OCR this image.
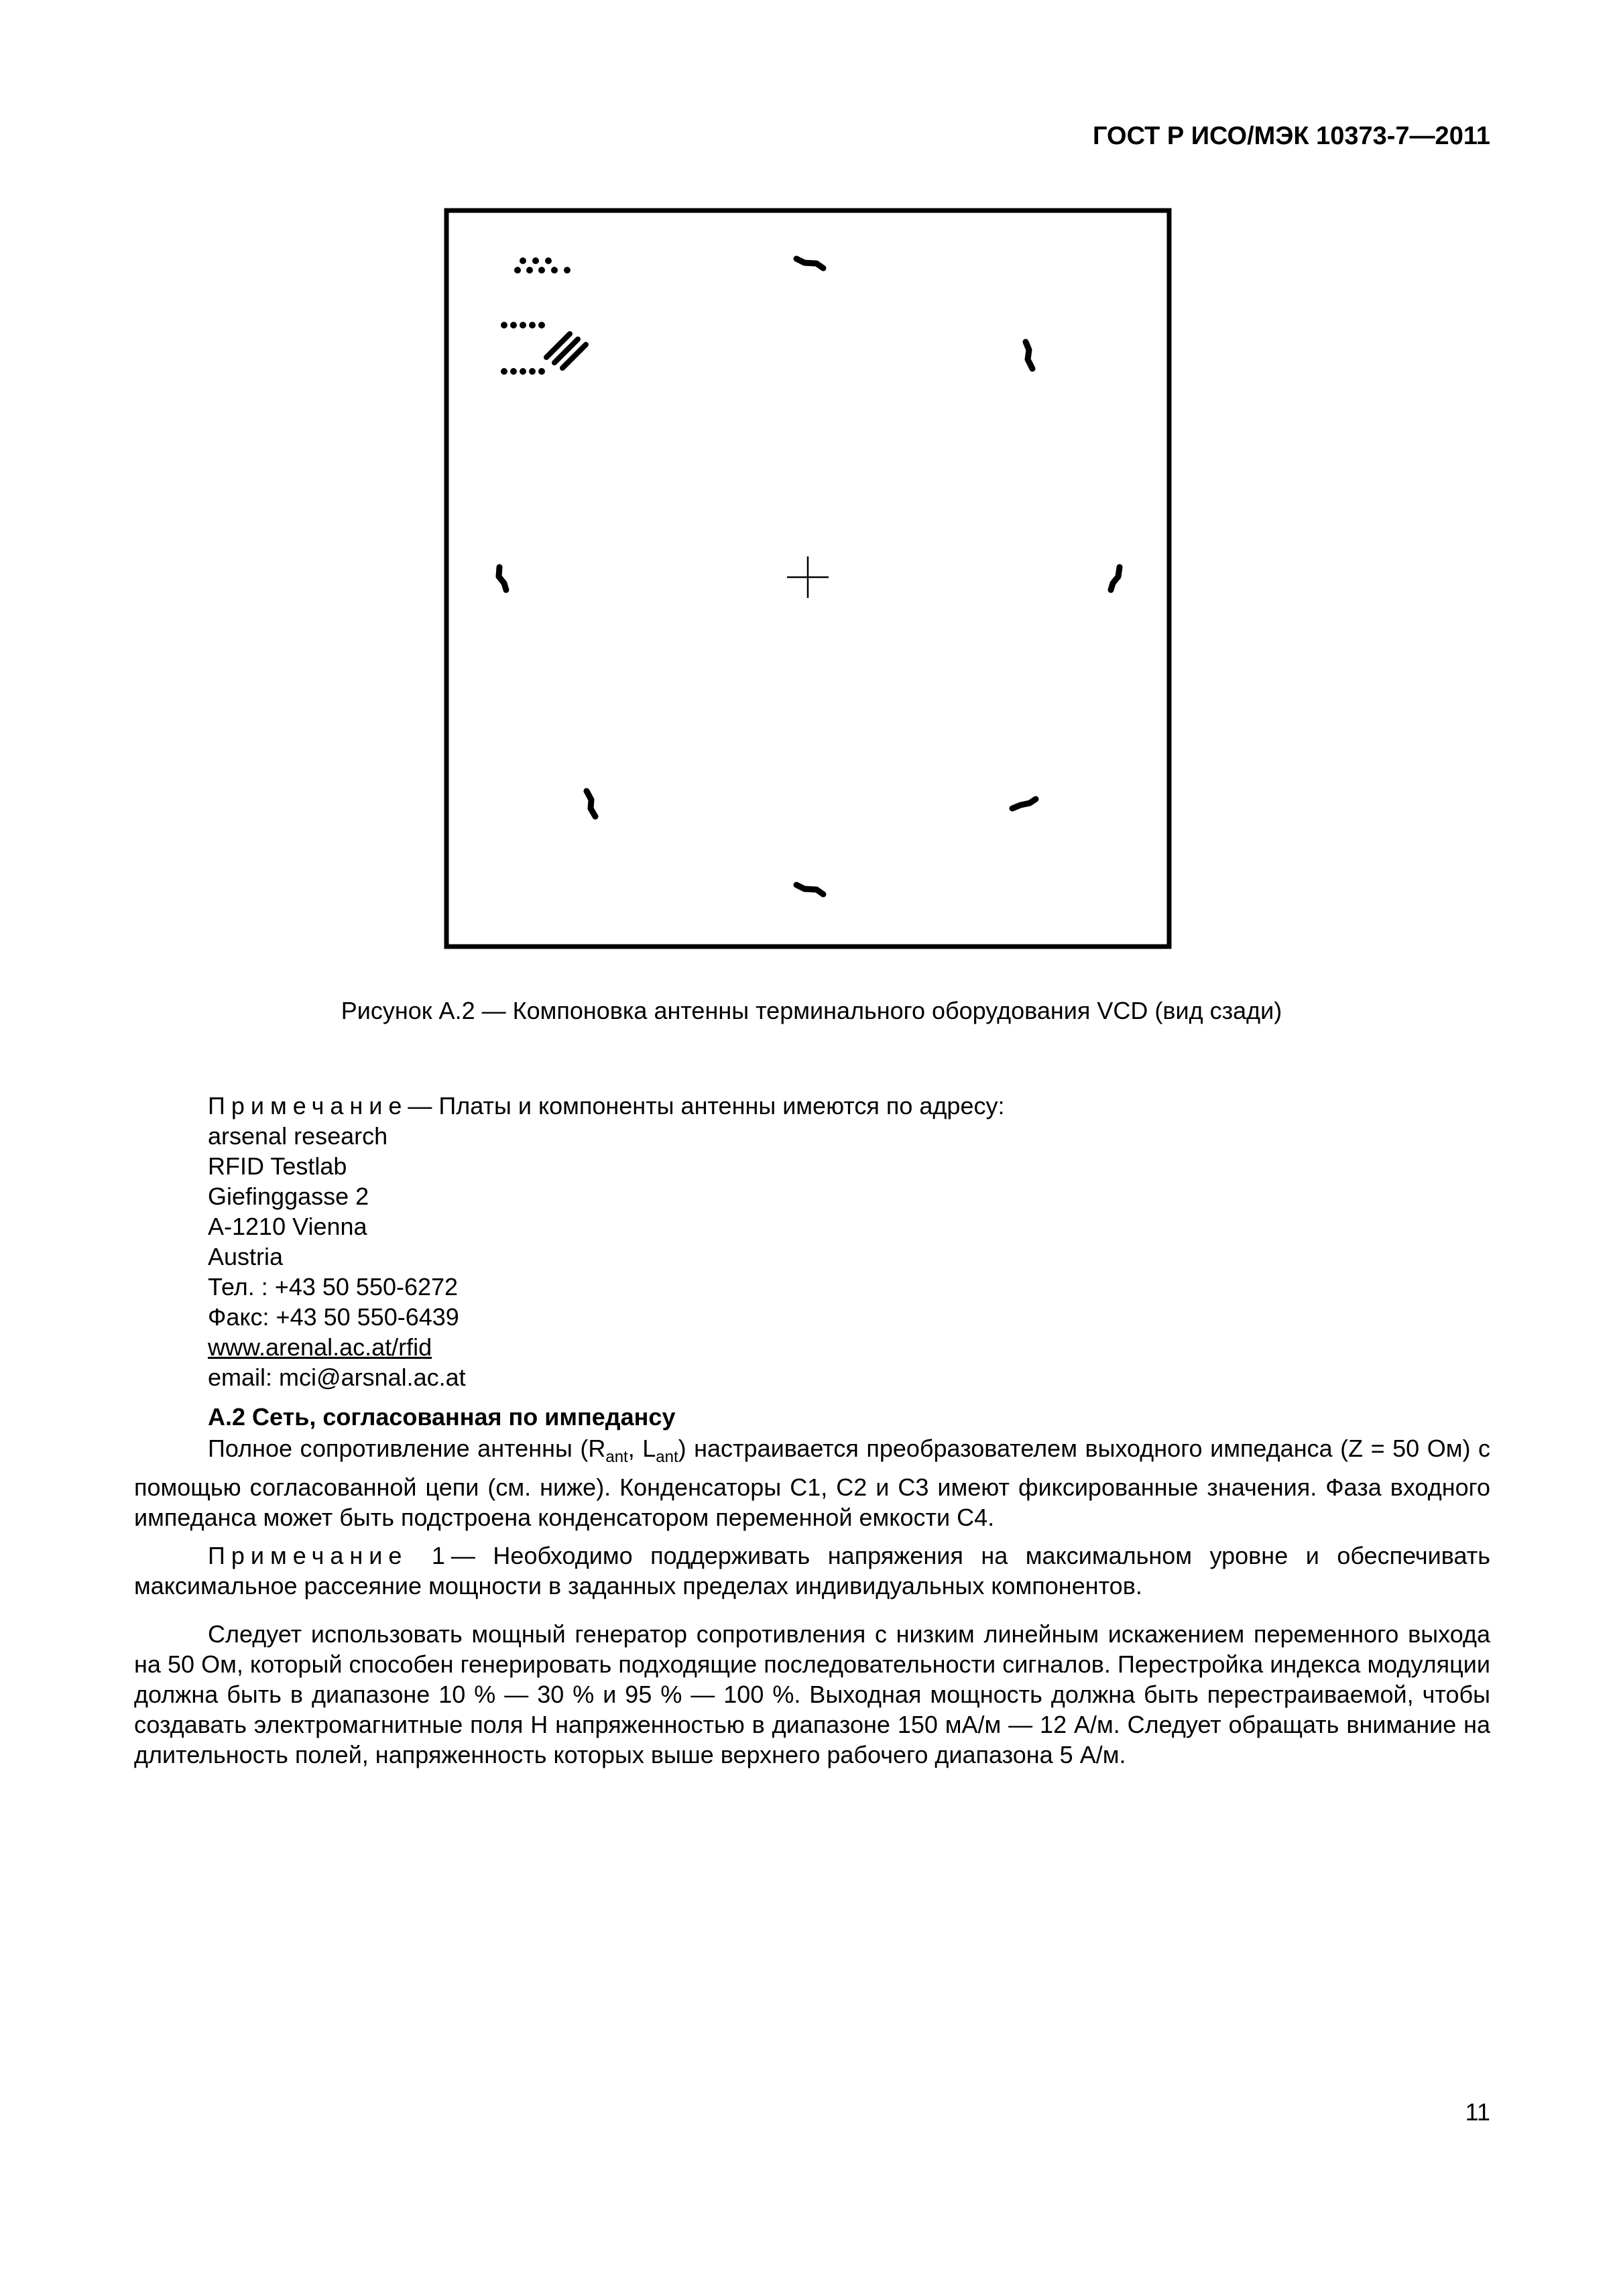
ГОСТ Р ИСО/МЭК 10373-7—2011
Рисунок А.2 — Компоновка антенны терминального оборудования VCD (вид сзади)
Примечание— Платы и компоненты антенны имеются по адресу:
arsenal research
RFID Testlab
Giefinggasse 2
A-1210 Vienna
Austria
Тел. : +43 50 550-6272
Факс: +43 50 550-6439
www.arenal.ac.at/rfid
email: mci@arsnal.ac.at
А.2 Сеть, согласованная по импедансу
Полное сопротивление антенны ($R_{ant}$, $L_{ant}$) настраивается преобразователем выходного импеданса (Z = 50 Ом) с помощью согласованной цепи (см. ниже). Конденсаторы C1, C2 и C3 имеют фиксированные значения. Фаза входного импеданса может быть подстроена конденсатором переменной емкости C4.
Примечание 1— Необходимо поддерживать напряжения на максимальном уровне и обеспечивать максимальное рассеяние мощности в заданных пределах индивидуальных компонентов.
Следует использовать мощный генератор сопротивления с низким линейным искажением переменного выхода на 50 Ом, который способен генерировать подходящие последовательности сигналов. Перестройка индекса модуляции должна быть в диапазоне 10 % — 30 % и 95 % — 100 %. Выходная мощность должна быть перестраиваемой, чтобы создавать электромагнитные поля H напряженностью в диапазоне 150 мА/м — 12 А/м. Следует обращать внимание на длительность полей, напряженность которых выше верхнего рабочего диапазона 5 А/м.
11
